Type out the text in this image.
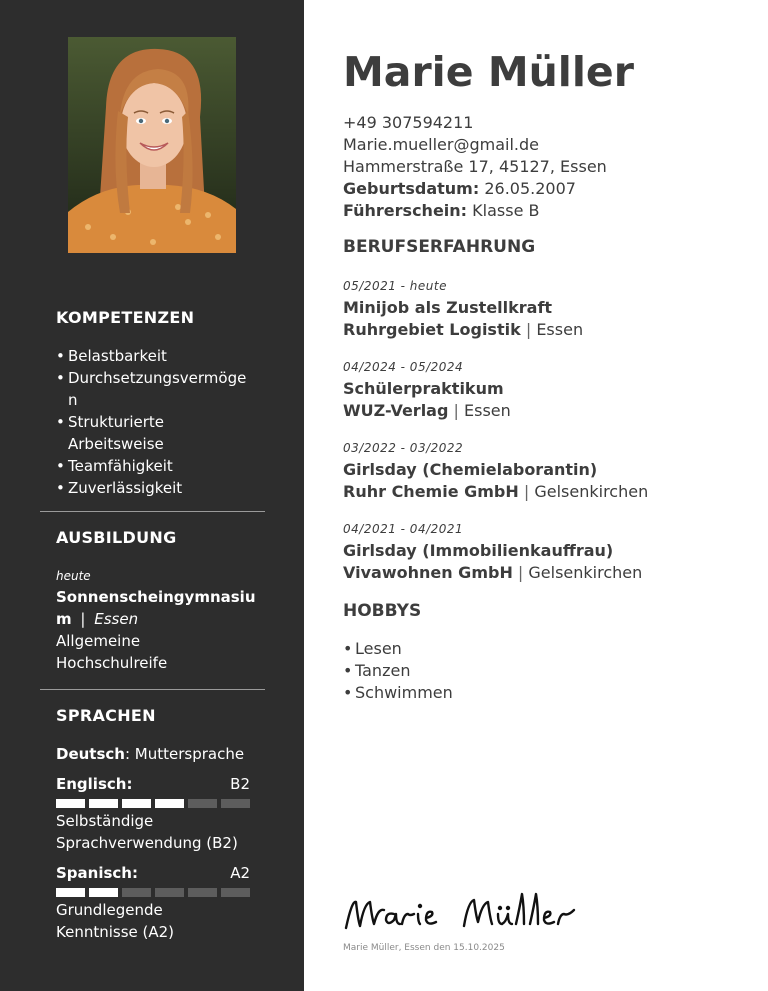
KOMPETENZEN
• Belastbarkeit
• Durchsetzungsvermöge n
• Strukturierte Arbeitsweise
• Teamfähigkeit
• Zuverlässigkeit
AUSBILDUNG
heute
Sonnenscheingymnasiu m | Essen
Allgemeine Hochschulreife
SPRACHEN
Deutsch: Muttersprache
Englisch:	B2
Selbständige Sprachverwendung (B2)
Spanisch:	A2
Grundlegende Kenntnisse (A2)
Marie Müller
+49 307594211
Marie.mueller@gmail.de
Hammerstraße 17, 45127, Essen
Geburtsdatum: 26.05.2007
Führerschein: Klasse B
BERUFSERFAHRUNG
05/2021 - heute
Minijob als Zustellkraft
Ruhrgebiet Logistik | Essen
04/2024 - 05/2024
Schülerpraktikum
WUZ-Verlag | Essen
03/2022 - 03/2022
Girlsday (Chemielaborantin)
Ruhr Chemie GmbH | Gelsenkirchen
04/2021 - 04/2021
Girlsday (Immobilienkauffrau)
Vivawohnen GmbH | Gelsenkirchen
HOBBYS
• Lesen
• Tanzen
• Schwimmen
Marie Müller, Essen den 15.10.2025
